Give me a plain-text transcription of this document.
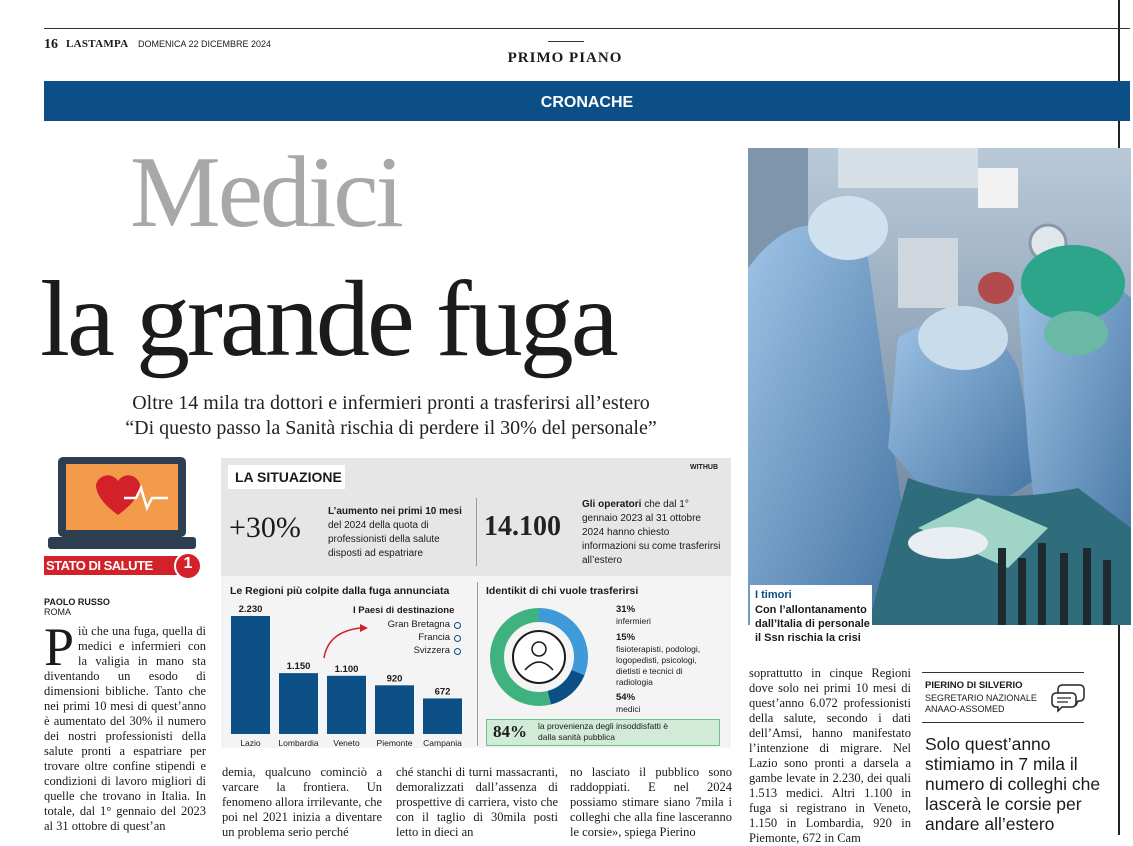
16 LASTAMPA DOMENICA 22 DICEMBRE 2024
PRIMO PIANO
CRONACHE
Medici
la grande fuga
Oltre 14 mila tra dottori e infermieri pronti a trasferirsi all’estero
“Di questo passo la Sanità rischia di perdere il 30% del personale”
I timori
Con l’allontanamento dall’Italia di personale il Ssn rischia la crisi
STATO DI SALUTE	1
PAOLO RUSSO
ROMA
P iù che una fuga, quella di medici e infermieri con la valigia in mano sta diventando un esodo di dimensioni bibliche. Tanto che nei primi 10 mesi di quest’anno è aumentato del 30% il numero dei nostri professionisti della salute pronti a espatriare per trovare oltre confine stipendi e condizioni di lavoro migliori di quelle che trovano in Italia. In totale, dal 1° gennaio del 2023 al 31 ottobre di quest’an
demia, qualcuno cominciò a varcare la frontiera. Un fenomeno allora irrilevante, che poi nel 2021 inizia a diventare un problema serio perché
ché stanchi di turni massacranti, demoralizzati dall’assenza di prospettive di carriera, visto che con il taglio di 30mila posti letto in dieci an
no lasciato il pubblico sono raddoppiati. E nel 2024 possiamo stimare siano 7mila i colleghi che alla fine lasceranno le corsie», spiega Pierino
soprattutto in cinque Regioni dove solo nei primi 10 mesi di quest’anno 6.072 professionisti della salute, secondo i dati dell’Amsi, hanno manifestato l’intenzione di migrare. Nel Lazio sono pronti a darsela a gambe levate in 2.230, dei quali 1.513 medici. Altri 1.100 in fuga si registrano in Veneto, 1.150 in Lombardia, 920 in Piemonte, 672 in Cam
LA SITUAZIONE
WITHUB
+30%	L’aumento nei primi 10 mesi
del 2024 della quota di professionisti della salute disposti ad espatriare
14.100
Gli operatori che dal 1° gennaio 2023 al 31 ottobre 2024 hanno chiesto informazioni su come trasferirsi all’estero
Le Regioni più colpite dalla fuga annunciata	Identikit di chi vuole trasferirsi
2.230
Lazio
1.150
Lombardia
1.100
Veneto
920
Piemonte
672
Campania
I Paesi di destinazione
Gran Bretagna
Francia
Svizzera
31%
infermieri
15%
fisioterapisti, podologi, logopedisti, psicologi, dietisti e tecnici di radiologia
54%
medici
84% la provenienza degli insoddisfatti è dalla sanità pubblica
PIERINO DI SILVERIO
SEGRETARIO NAZIONALE ANAAO-ASSOMED
Solo quest’anno stimiamo in 7 mila il numero di colleghi che lascerà le corsie per andare all’estero
